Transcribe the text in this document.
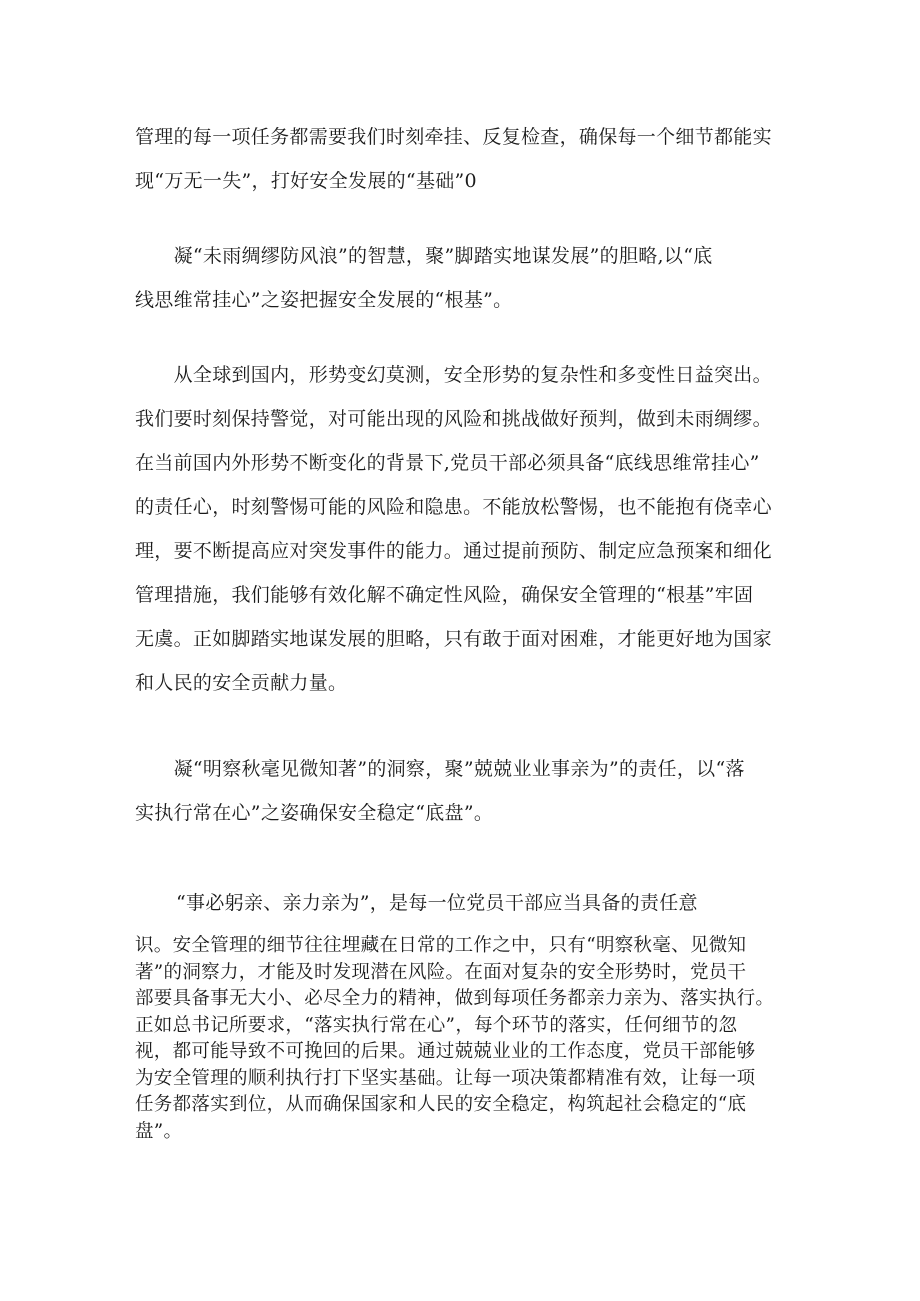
管理的每一项任务都需要我们时刻牵挂、反复检查，确保每一个细节都能实
现“万无一失”，打好安全发展的“基础”0

　　凝“未雨绸缪防风浪”的智慧，聚”脚踏实地谋发展”的胆略,以“底
线思维常挂心”之姿把握安全发展的“根基”。

　　从全球到国内，形势变幻莫测，安全形势的复杂性和多变性日益突出。
我们要时刻保持警觉，对可能出现的风险和挑战做好预判，做到未雨绸缪。
在当前国内外形势不断变化的背景下,党员干部必须具备“底线思维常挂心”
的责任心，时刻警惕可能的风险和隐患。不能放松警惕，也不能抱有侥幸心
理，要不断提高应对突发事件的能力。通过提前预防、制定应急预案和细化
管理措施，我们能够有效化解不确定性风险，确保安全管理的“根基”牢固
无虞。正如脚踏实地谋发展的胆略，只有敢于面对困难，才能更好地为国家
和人民的安全贡献力量。

　　凝“明察秋毫见微知著”的洞察，聚”兢兢业业事亲为”的责任，以“落
实执行常在心”之姿确保安全稳定“底盘”。

“事必躬亲、亲力亲为”，是每一位党员干部应当具备的责任意

识。安全管理的细节往往埋藏在日常的工作之中，只有“明察秋毫、见微知
著”的洞察力，才能及时发现潜在风险。在面对复杂的安全形势时，党员干
部要具备事无大小、必尽全力的精神，做到每项任务都亲力亲为、落实执行。
正如总书记所要求，“落实执行常在心”，每个环节的落实，任何细节的忽
视，都可能导致不可挽回的后果。通过兢兢业业的工作态度，党员干部能够
为安全管理的顺利执行打下坚实基础。让每一项决策都精准有效，让每一项
任务都落实到位，从而确保国家和人民的安全稳定，构筑起社会稳定的“底
盘”。
